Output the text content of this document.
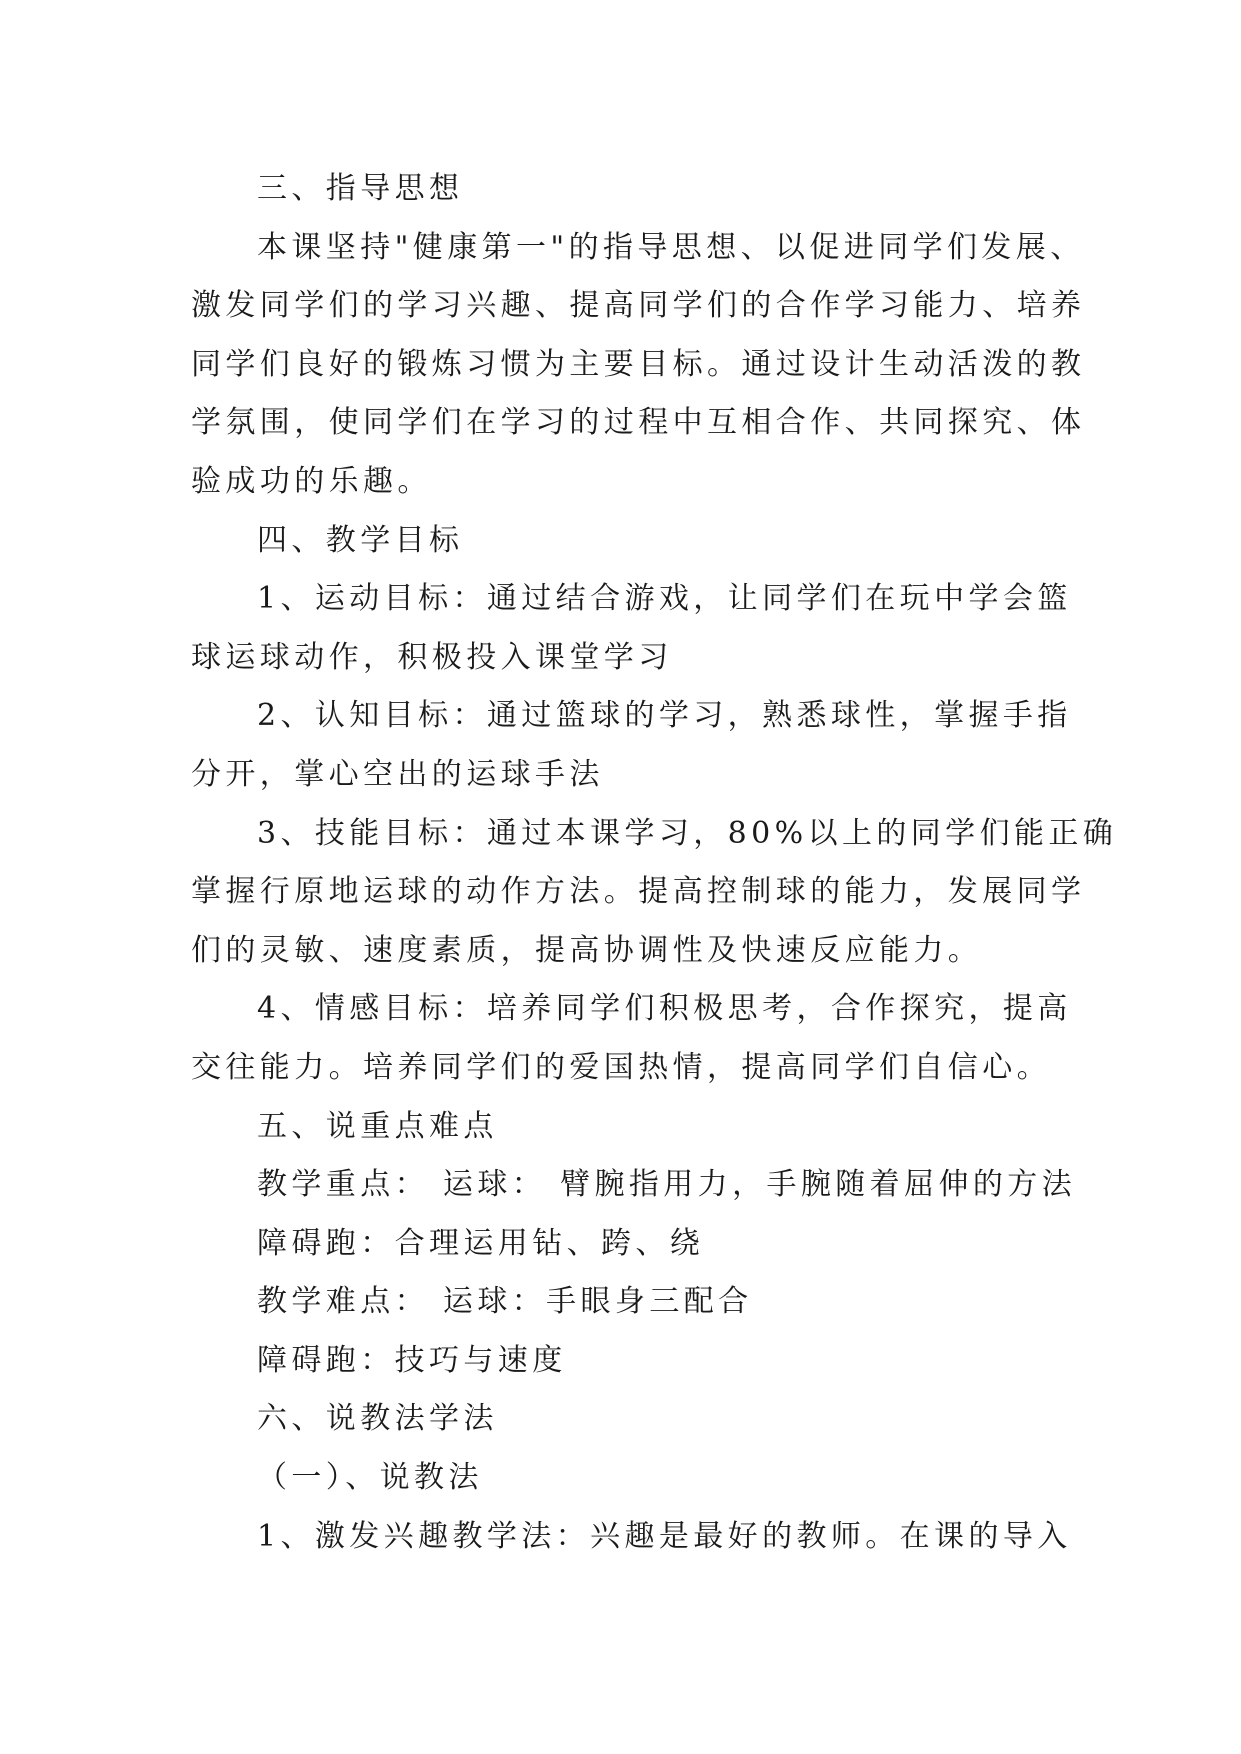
三、指导思想
本课坚持"健康第一"的指导思想、以促进同学们发展、
激发同学们的学习兴趣、提高同学们的合作学习能力、培养
同学们良好的锻炼习惯为主要目标。通过设计生动活泼的教
学氛围，使同学们在学习的过程中互相合作、共同探究、体
验成功的乐趣。
四、教学目标
1、运动目标：通过结合游戏，让同学们在玩中学会篮
球运球动作，积极投入课堂学习
2、认知目标：通过篮球的学习，熟悉球性，掌握手指
分开，掌心空出的运球手法
3、技能目标：通过本课学习，80%以上的同学们能正确
掌握行原地运球的动作方法。提高控制球的能力，发展同学
们的灵敏、速度素质，提高协调性及快速反应能力。
4、情感目标：培养同学们积极思考，合作探究，提高
交往能力。培养同学们的爱国热情，提高同学们自信心。
五、说重点难点
教学重点： 运球： 臂腕指用力，手腕随着屈伸的方法
障碍跑：合理运用钻、跨、绕
教学难点： 运球：手眼身三配合
障碍跑：技巧与速度
六、说教法学法
（一）、说教法
1、激发兴趣教学法：兴趣是最好的教师。在课的导入
